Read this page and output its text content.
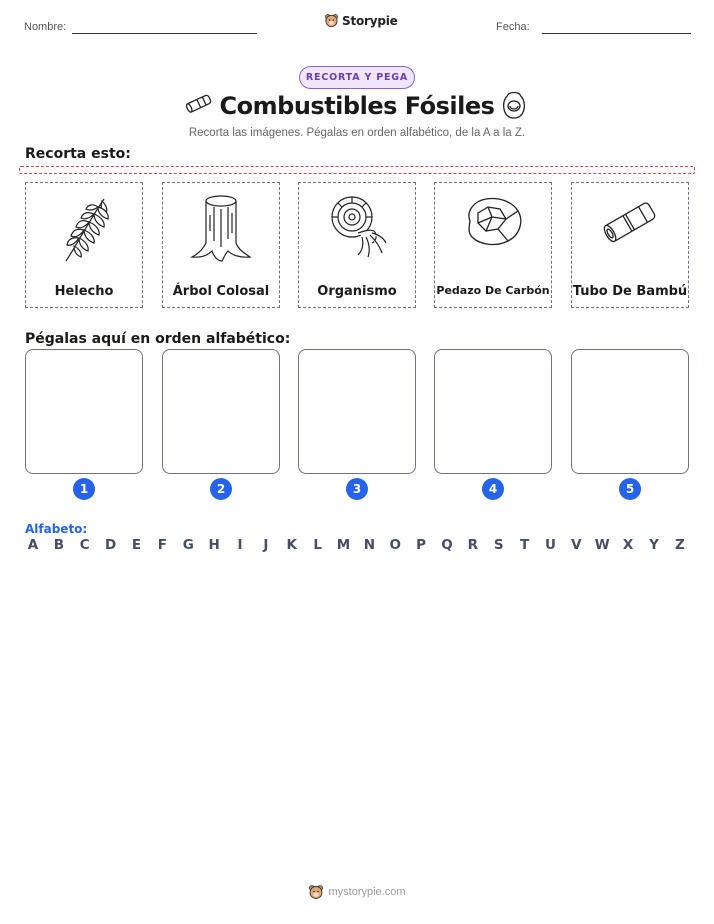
Nombre:	Storypie	Fecha:
RECORTA Y PEGA
Combustibles Fósiles
Recorta las imágenes. Pégalas en orden alfabético, de la A a la Z.
Recorta esto:
Helecho	Árbol Colosal	Organismo	Pedazo De Carbón Tubo De Bambú
Pégalas aquí en orden alfabético:
1	2	3	4	5
Alfabeto:
A B C D E F G H	I	J	K L M N O P Q R S T U V W X Y Z
mystorypie.com
